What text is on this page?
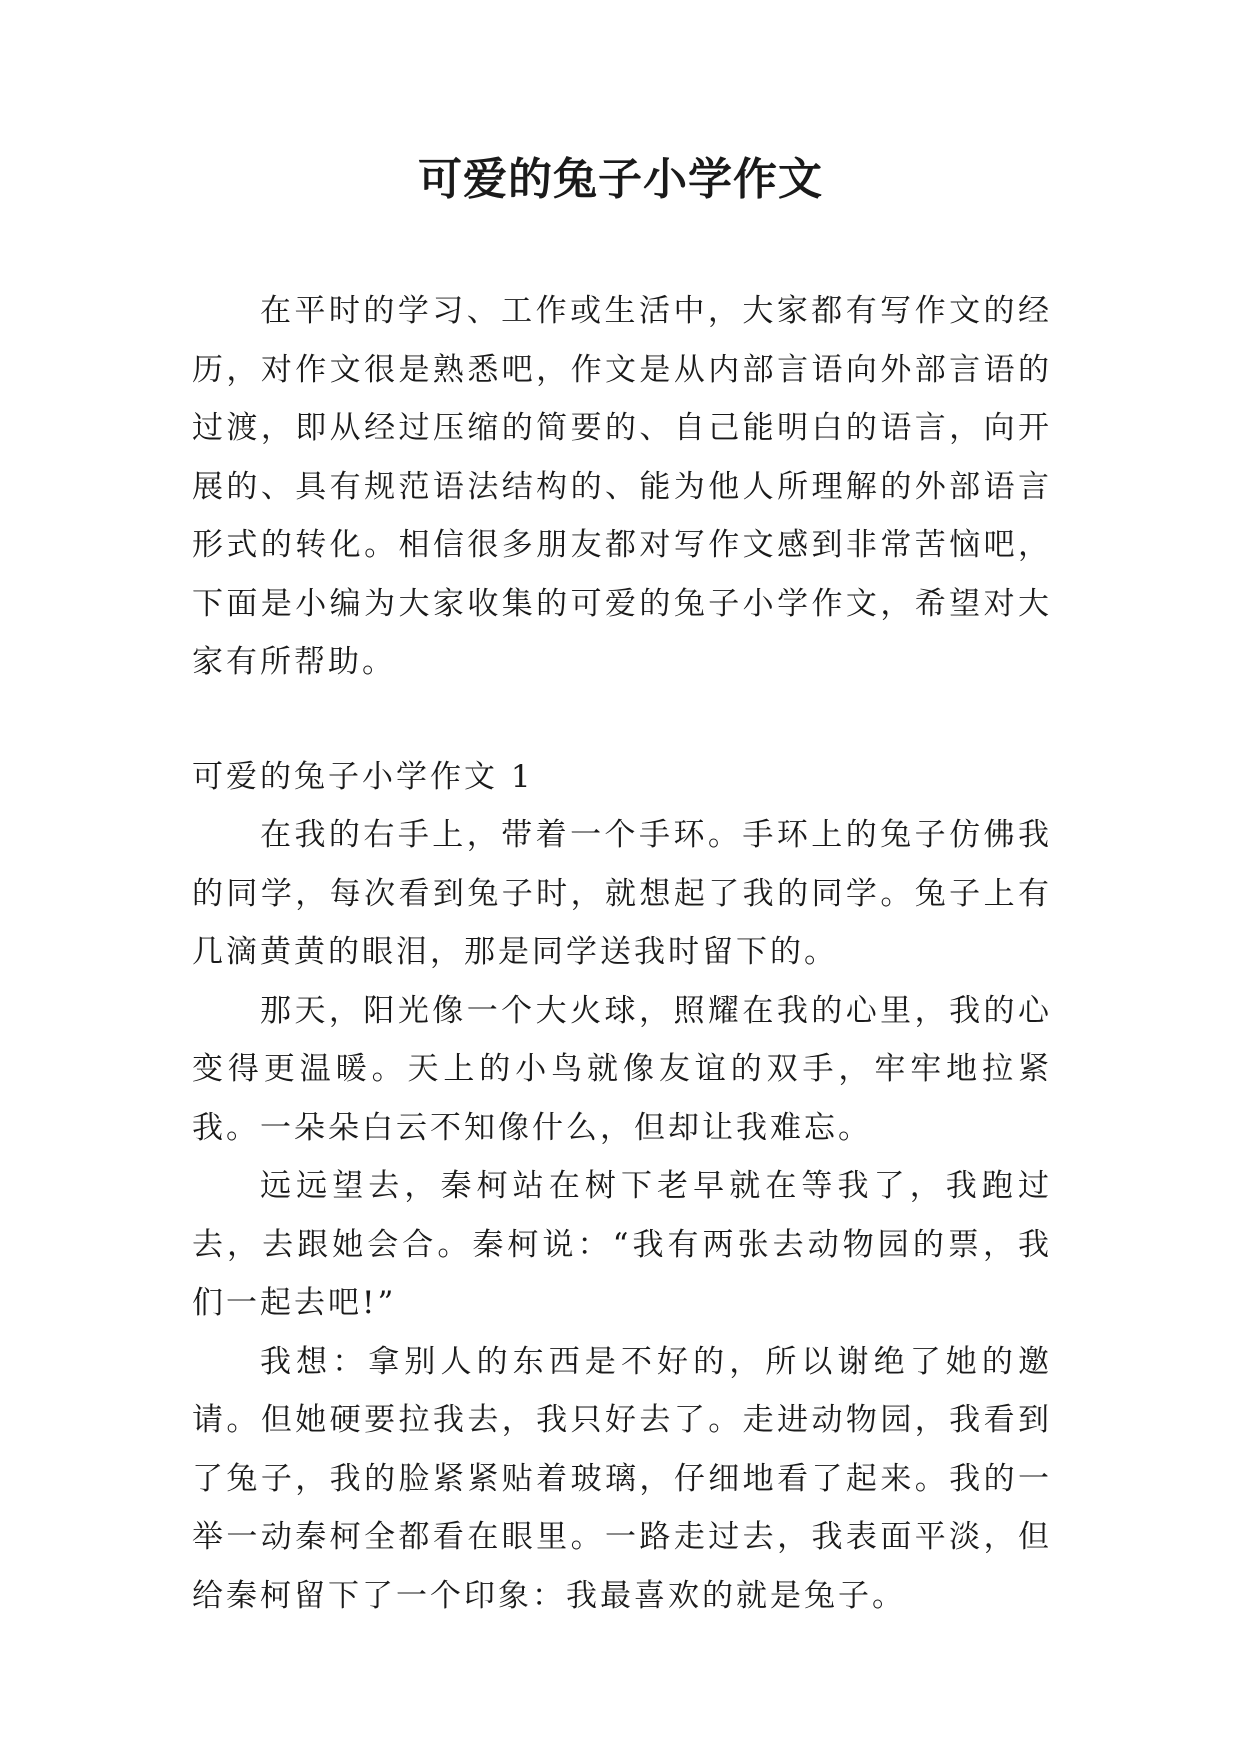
可爱的兔子小学作文

在平时的学习、工作或生活中，大家都有写作文的经历，对作文很是熟悉吧，作文是从内部言语向外部言语的过渡，即从经过压缩的简要的、自己能明白的语言，向开展的、具有规范语法结构的、能为他人所理解的外部语言形式的转化。相信很多朋友都对写作文感到非常苦恼吧，下面是小编为大家收集的可爱的兔子小学作文，希望对大家有所帮助。

可爱的兔子小学作文 1

在我的右手上，带着一个手环。手环上的兔子仿佛我的同学，每次看到兔子时，就想起了我的同学。兔子上有几滴黄黄的眼泪，那是同学送我时留下的。

那天，阳光像一个大火球，照耀在我的心里，我的心变得更温暖。天上的小鸟就像友谊的双手，牢牢地拉紧我。一朵朵白云不知像什么，但却让我难忘。

远远望去，秦柯站在树下老早就在等我了，我跑过去，去跟她会合。秦柯说：“我有两张去动物园的票，我们一起去吧!”

我想：拿别人的东西是不好的，所以谢绝了她的邀请。但她硬要拉我去，我只好去了。走进动物园，我看到了兔子，我的脸紧紧贴着玻璃，仔细地看了起来。我的一举一动秦柯全都看在眼里。一路走过去，我表面平淡，但给秦柯留下了一个印象：我最喜欢的就是兔子。
